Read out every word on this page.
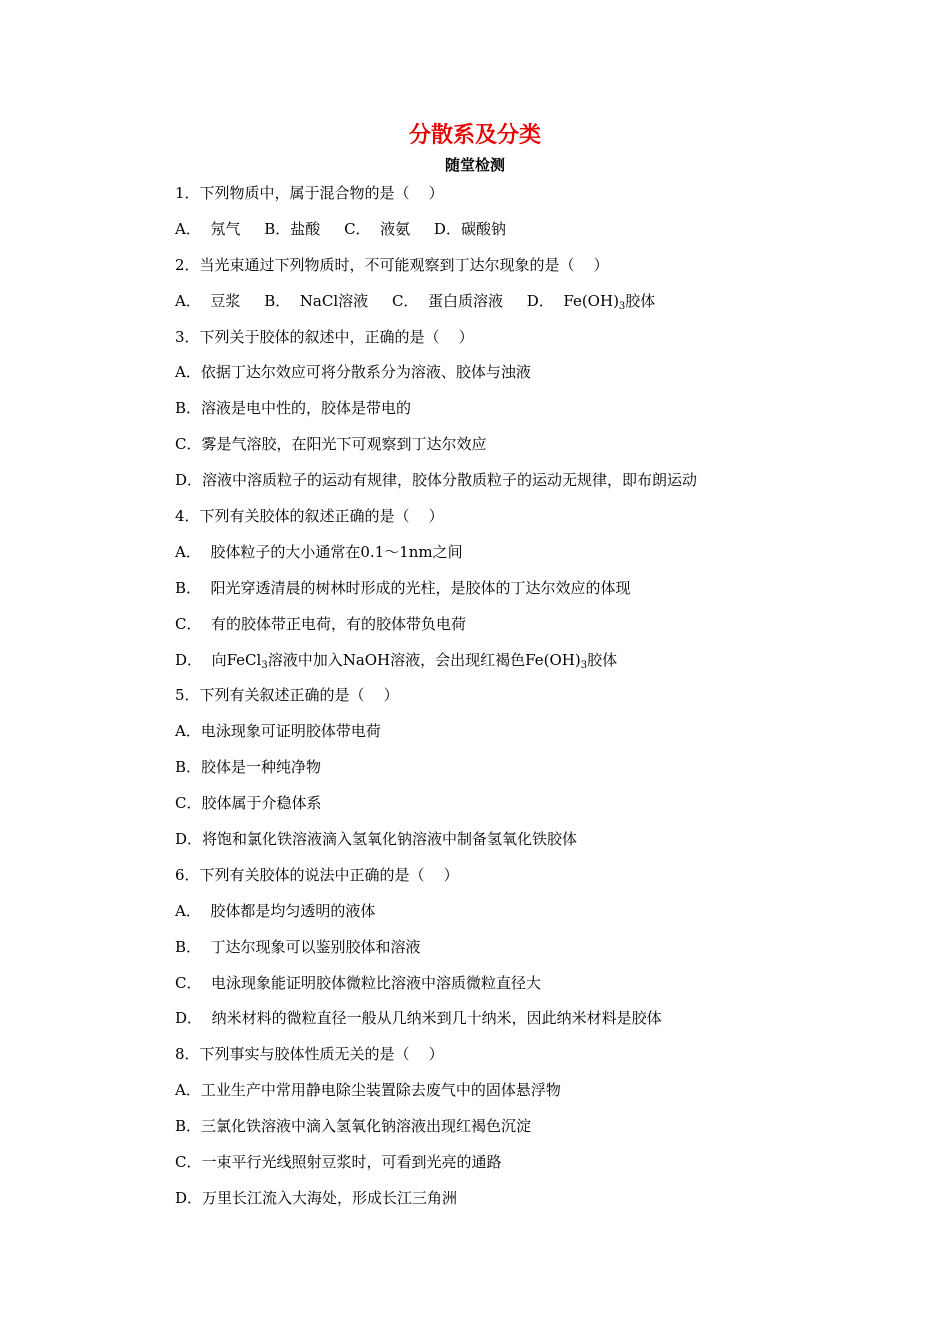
分散系及分类
随堂检测
1．下列物质中，属于混合物的是（    ）
A．  氖气     B．盐酸     C．  液氨     D．碳酸钠
2．当光束通过下列物质时，不可能观察到丁达尔现象的是（    ）
A．  豆浆     B．  NaCl溶液     C．  蛋白质溶液     D．  $Fe(OH)_3$胶体
3．下列关于胶体的叙述中，正确的是（    ）
A．依据丁达尔效应可将分散系分为溶液、胶体与浊液
B．溶液是电中性的，胶体是带电的
C．雾是气溶胶，在阳光下可观察到丁达尔效应
D．溶液中溶质粒子的运动有规律，胶体分散质粒子的运动无规律，即布朗运动
4．下列有关胶体的叙述正确的是（    ）
A．  胶体粒子的大小通常在0.1～1nm之间
B．  阳光穿透清晨的树林时形成的光柱，是胶体的丁达尔效应的体现
C．  有的胶体带正电荷，有的胶体带负电荷
D．  向FeCl$_3$溶液中加入NaOH溶液，会出现红褐色$Fe(OH)_3$胶体
5．下列有关叙述正确的是（    ）
A．电泳现象可证明胶体带电荷
B．胶体是一种纯净物
C．胶体属于介稳体系
D．将饱和氯化铁溶液滴入氢氧化钠溶液中制备氢氧化铁胶体
6．下列有关胶体的说法中正确的是（    ）
A．  胶体都是均匀透明的液体
B．  丁达尔现象可以鉴别胶体和溶液
C．  电泳现象能证明胶体微粒比溶液中溶质微粒直径大
D．  纳米材料的微粒直径一般从几纳米到几十纳米，因此纳米材料是胶体
8．下列事实与胶体性质无关的是（    ）
A．工业生产中常用静电除尘装置除去废气中的固体悬浮物
B．三氯化铁溶液中滴入氢氧化钠溶液出现红褐色沉淀
C．一束平行光线照射豆浆时，可看到光亮的通路
D．万里长江流入大海处，形成长江三角洲
